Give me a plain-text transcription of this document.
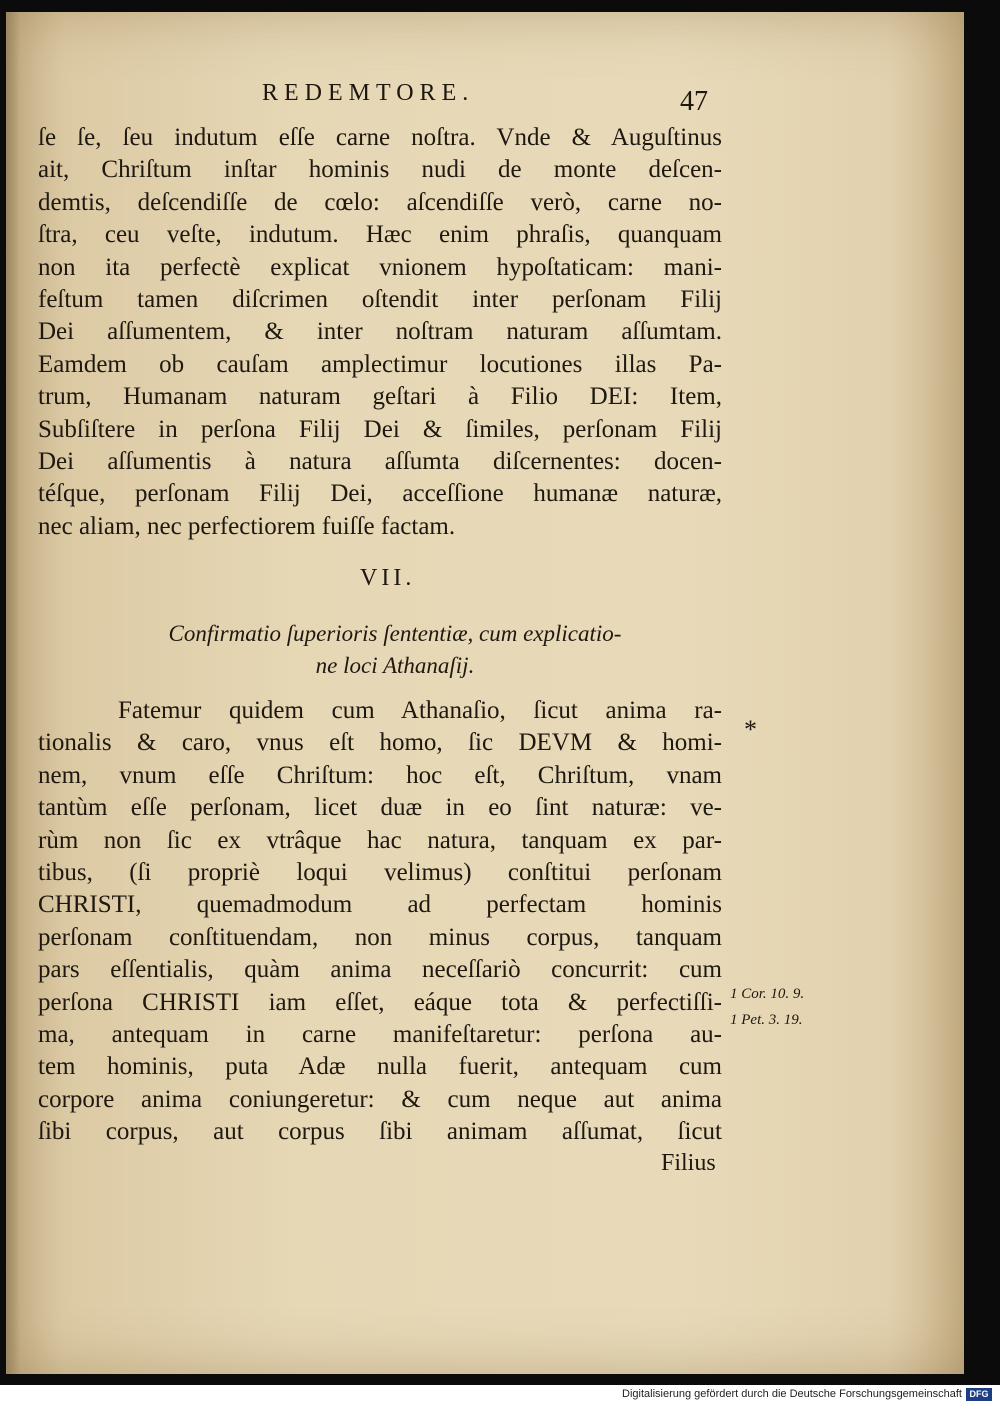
REDEMTORE.	47
ſe ſe, ſeu indutum eſſe carne noſtra. Vnde & Auguſtinus
ait, Chriſtum inſtar hominis nudi de monte deſcen-
demtis, deſcendiſſe de cœlo: aſcendiſſe verò, carne no-
ſtra, ceu veſte, indutum. Hæc enim phraſis, quanquam
non ita perfectè explicat vnionem hypoſtaticam: mani-
feſtum tamen diſcrimen oſtendit inter perſonam Filij
Dei aſſumentem, & inter noſtram naturam aſſumtam.
Eamdem ob cauſam amplectimur locutiones illas Pa-
trum, Humanam naturam geſtari à Filio DEI: Item,
Subſiſtere in perſona Filij Dei & ſimiles, perſonam Filij
Dei aſſumentis à natura aſſumta diſcernentes: docen-
téſque, perſonam Filij Dei, acceſſione humanæ naturæ,
nec aliam, nec perfectiorem fuiſſe factam.
VII.
Confirmatio ſuperioris ſententiæ, cum explicatio-
ne loci Athanaſij.
*
Fatemur quidem cum Athanaſio, ſicut anima ra-
tionalis & caro, vnus eſt homo, ſic DEVM & homi-
nem, vnum eſſe Chriſtum: hoc eſt, Chriſtum, vnam
tantùm eſſe perſonam, licet duæ in eo ſint naturæ: ve-
rùm non ſic ex vtrâque hac natura, tanquam ex par-
tibus, (ſi propriè loqui velimus) conſtitui perſonam
CHRISTI, quemadmodum ad perfectam hominis
perſonam conſtituendam, non minus corpus, tanquam
pars eſſentialis, quàm anima neceſſariò concurrit: cum
perſona CHRISTI iam eſſet, eáque tota & perfectiſſi-
ma, antequam in carne manifeſtaretur: perſona au-
tem hominis, puta Adæ nulla fuerit, antequam cum
corpore anima coniungeretur: & cum neque aut anima
ſibi corpus, aut corpus ſibi animam aſſumat, ſicut
1 Cor. 10. 9.
1 Pet. 3. 19.
Filius
Digitalisierung gefördert durch die Deutsche Forschungsgemeinschaft DFG
